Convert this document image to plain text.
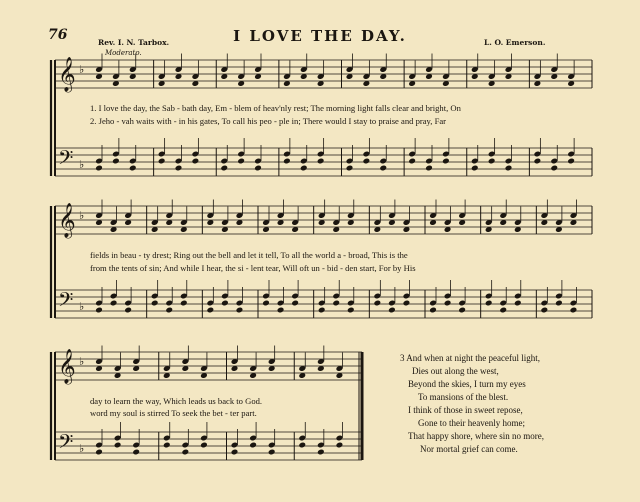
76	I LOVE THE DAY.
Rev. I. N. Tarbox.	L. O. Emerson.
Moderato.
𝄞
𝄢
♭
♭
𝄞
𝄢
♭
♭
𝄞
𝄢
♭
♭
1. I love the day, the Sab - bath day, Em - blem of heav'nly rest; The morning light falls clear and bright, On
2. Jeho - vah waits with - in his gates, To call his peo - ple in; There would I stay to praise and pray, Far
fields in beau - ty drest; Ring out the bell and let it tell, To all the world a - broad, This is the
from the tents of sin; And while I hear, the si - lent tear, Will oft un - bid - den start, For by His
day to learn the way, Which leads us back to God.
word my soul is stirred To seek the bet - ter part.
3 And when at night the peaceful light,
Dies out along the west,
Beyond the skies, I turn my eyes
To mansions of the blest.
I think of those in sweet repose,
Gone to their heavenly home;
That happy shore, where sin no more,
Nor mortal grief can come.
